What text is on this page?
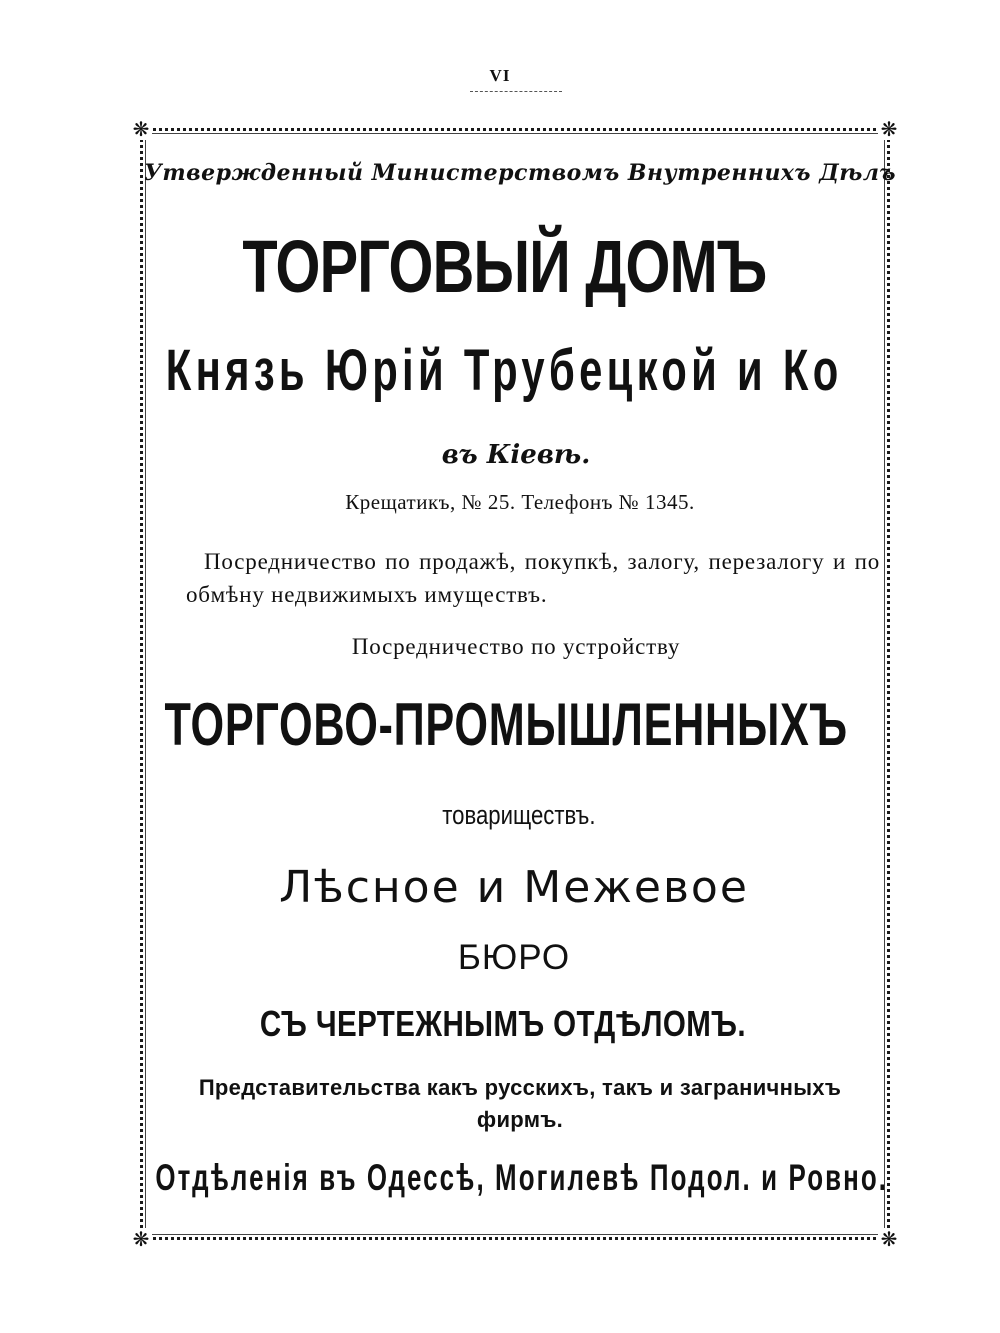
VI
❋	❋
❋	❋
Утвержденный Министерствомъ Внутреннихъ Дѣлъ
ТОРГОВЫЙ ДОМЪ
Князь Юрій Трубецкой и Ко
въ Кіевѣ.
Крещатикъ, № 25. Телефонъ № 1345.
Посредничество по продажѣ, покупкѣ, залогу, перезалогу и по обмѣну недвижимыхъ имуществъ.
Посредничество по устройству
ТОРГОВО-ПРОМЫШЛЕННЫХЪ
товариществъ.
Лѣсное и Межевое
БЮРО
СЪ ЧЕРТЕЖНЫМЪ ОТДѢЛОМЪ.
Представительства какъ русскихъ, такъ и заграничныхъ фирмъ.
Отдѣленія въ Одессѣ, Могилевѣ Подол. и Ровно.
